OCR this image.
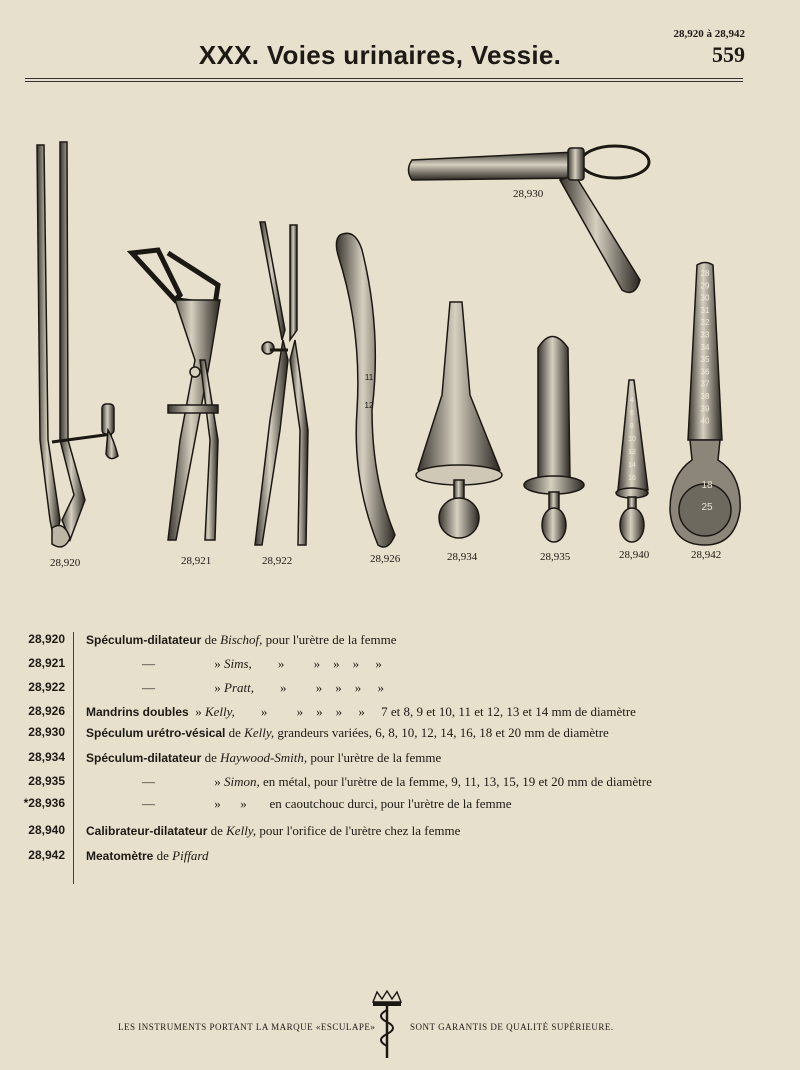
28,920 à 28,942
559
XXX. Voies urinaires, Vessie.
11
12
4
6
8
10
12
14
16
28
29
30
31
32
33
34
35
36
37
38
39
40
18
25
28,920	28,921	28,922	28,926
28,930
28,934	28,935	28,940	28,942
28,920 Spéculum-dilatateur de Bischof, pour l'urètre de la femme
28,921	—	» Sims,        »         »    »    »     »
28,922	—	» Pratt,        »         »    »    »     »
28,926 Mandrins doubles  » Kelly,        »         »    »    »     »     7 et 8, 9 et 10, 11 et 12, 13 et 14 mm de diamètre
28,930 Spéculum urétro-vésical de Kelly, grandeurs variées, 6, 8, 10, 12, 14, 16, 18 et 20 mm de diamètre
28,934 Spéculum-dilatateur de Haywood-Smith, pour l'urètre de la femme
28,935	—	» Simon, en métal, pour l'urètre de la femme, 9, 11, 13, 15, 19 et 20 mm de diamètre
*28,936	—	»      »       en caoutchouc durci, pour l'urètre de la femme
28,940 Calibrateur-dilatateur de Kelly, pour l'orifice de l'urètre chez la femme
28,942 Meatomètre de Piffard
LES INSTRUMENTS PORTANT LA MARQUE «ESCULAPE»	SONT GARANTIS DE QUALITÉ SUPÉRIEURE.
